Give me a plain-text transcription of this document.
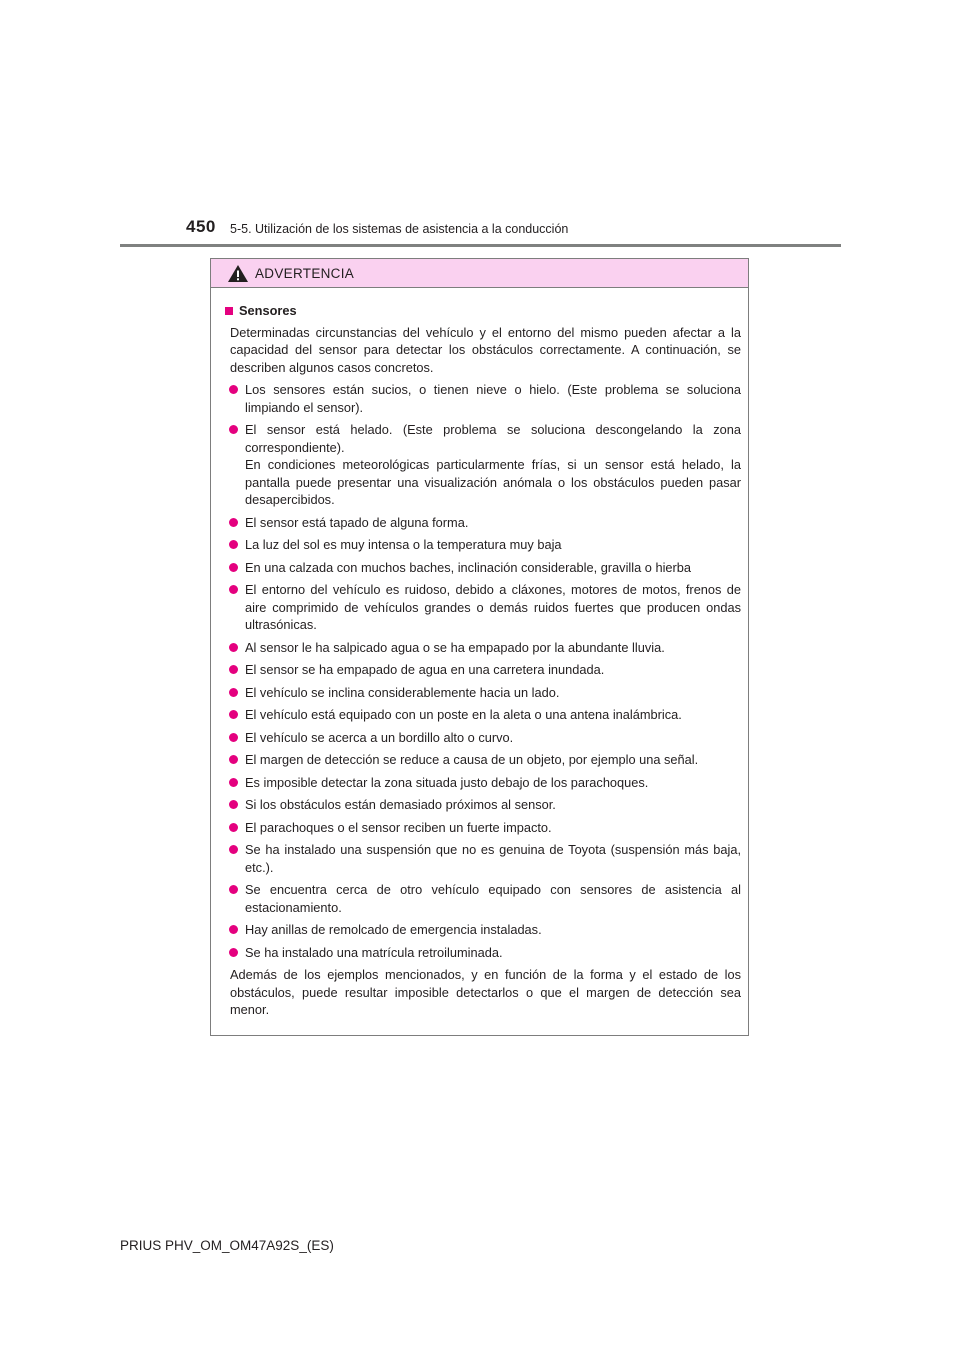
450 5-5. Utilización de los sistemas de asistencia a la conducción
ADVERTENCIA
Sensores
Determinadas circunstancias del vehículo y el entorno del mismo pueden afectar a la capacidad del sensor para detectar los obstáculos correctamente. A continuación, se describen algunos casos concretos.
Los sensores están sucios, o tienen nieve o hielo. (Este problema se soluciona limpiando el sensor).
El sensor está helado. (Este problema se soluciona descongelando la zona correspondiente).
En condiciones meteorológicas particularmente frías, si un sensor está helado, la pantalla puede presentar una visualización anómala o los obstáculos pueden pasar desapercibidos.
El sensor está tapado de alguna forma.
La luz del sol es muy intensa o la temperatura muy baja
En una calzada con muchos baches, inclinación considerable, gravilla o hierba
El entorno del vehículo es ruidoso, debido a cláxones, motores de motos, frenos de aire comprimido de vehículos grandes o demás ruidos fuertes que producen ondas ultrasónicas.
Al sensor le ha salpicado agua o se ha empapado por la abundante lluvia.
El sensor se ha empapado de agua en una carretera inundada.
El vehículo se inclina considerablemente hacia un lado.
El vehículo está equipado con un poste en la aleta o una antena inalámbrica.
El vehículo se acerca a un bordillo alto o curvo.
El margen de detección se reduce a causa de un objeto, por ejemplo una señal.
Es imposible detectar la zona situada justo debajo de los parachoques.
Si los obstáculos están demasiado próximos al sensor.
El parachoques o el sensor reciben un fuerte impacto.
Se ha instalado una suspensión que no es genuina de Toyota (suspensión más baja, etc.).
Se encuentra cerca de otro vehículo equipado con sensores de asistencia al estacionamiento.
Hay anillas de remolcado de emergencia instaladas.
Se ha instalado una matrícula retroiluminada.
Además de los ejemplos mencionados, y en función de la forma y el estado de los obstáculos, puede resultar imposible detectarlos o que el margen de detección sea menor.
PRIUS PHV_OM_OM47A92S_(ES)
